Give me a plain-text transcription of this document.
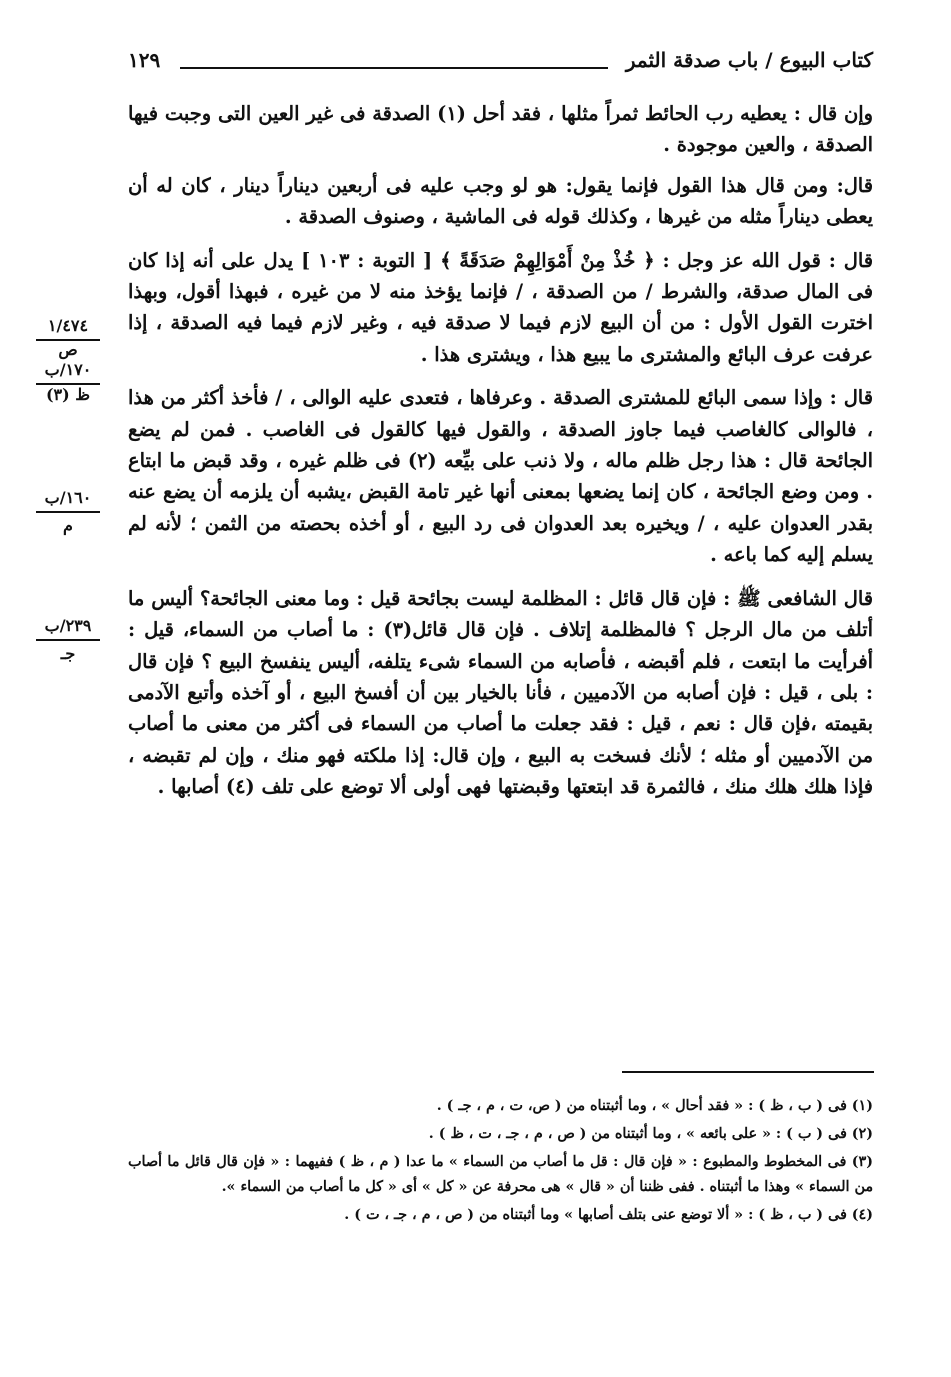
١٢٩	كتاب البيوع / باب صدقة الثمر
١/٤٧٤
ص
١٧٠/ب
ظ (٣)
١٦٠/ب
م
٢٣٩/ب
جـ

وإن قال : يعطيه رب الحائط ثمراً مثلها ، فقد أحل (١) الصدقة فى غير العين التى وجبت فيها الصدقة ، والعين موجودة .

قال: ومن قال هذا القول فإنما يقول: هو لو وجب عليه فى أربعين ديناراً دينار ، كان له أن يعطى ديناراً مثله من غيرها ، وكذلك قوله فى الماشية ، وصنوف الصدقة .

قال : قول الله عز وجل : ﴿ خُذْ مِنْ أَمْوَالِهِمْ صَدَقَةً ﴾ [ التوبة : ١٠٣ ] يدل على أنه إذا كان فى المال صدقة، والشرط / من الصدقة ، / فإنما يؤخذ منه لا من غيره ، فبهذا أقول، وبهذا اخترت القول الأول : من أن البيع لازم فيما لا صدقة فيه ، وغير لازم فيما فيه الصدقة ، إذا عرفت عرف البائع والمشترى ما يبيع هذا ، ويشترى هذا .

قال : وإذا سمى البائع للمشترى الصدقة . وعرفاها ، فتعدى عليه الوالى ، / فأخذ أكثر من هذا ، فالوالى كالغاصب فيما جاوز الصدقة ، والقول فيها كالقول فى الغاصب . فمن لم يضع الجائحة قال : هذا رجل ظلم ماله ، ولا ذنب على بيِّعه (٢) فى ظلم غيره ، وقد قبض ما ابتاع . ومن وضع الجائحة ، كان إنما يضعها بمعنى أنها غير تامة القبض ،يشبه أن يلزمه أن يضع عنه بقدر العدوان عليه ، / ويخيره بعد العدوان فى رد البيع ، أو أخذه بحصته من الثمن ؛ لأنه لم يسلم إليه كما باعه .

قال الشافعى ﷺ : فإن قال قائل : المظلمة ليست بجائحة قيل : وما معنى الجائحة؟ أليس ما أتلف من مال الرجل ؟ فالمظلمة إتلاف . فإن قال قائل(٣) : ما أصاب من السماء، قيل : أفرأيت ما ابتعت ، فلم أقبضه ، فأصابه من السماء شىء يتلفه، أليس ينفسخ البيع ؟ فإن قال : بلى ، قيل : فإن أصابه من الآدميين ، فأنا بالخيار بين أن أفسخ البيع ، أو آخذه وأتبع الآدمى بقيمته ،فإن قال : نعم ، قيل : فقد جعلت ما أصاب من السماء فى أكثر من معنى ما أصاب من الآدميين أو مثله ؛ لأنك فسخت به البيع ، وإن قال: إذا ملكته فهو منك ، وإن لم تقبضه ، فإذا هلك هلك منك ، فالثمرة قد ابتعتها وقبضتها فهى أولى ألا توضع على تلف (٤) أصابها .

(١) فى ( ب ، ظ ) : « فقد أحال » ، وما أثبتناه من ( ص، ت ، م ، جـ ) .

(٢) فى ( ب ) : « على بائعه » ، وما أثبتناه من ( ص ، م ، جـ ، ت ، ظ ) .

(٣) فى المخطوط والمطبوع : « فإن قال : قل ما أصاب من السماء » ما عدا ( م ، ظ ) ففيهما : « فإن قال قائل ما أصاب من السماء » وهذا ما أثبتناه . ففى ظننا أن « قال » هى محرفة عن « كل » أى « كل ما أصاب من السماء ».

(٤) فى ( ب ، ظ ) : « ألا توضع عنى بتلف أصابها » وما أثبتناه من ( ص ، م ، جـ ، ت ) .
